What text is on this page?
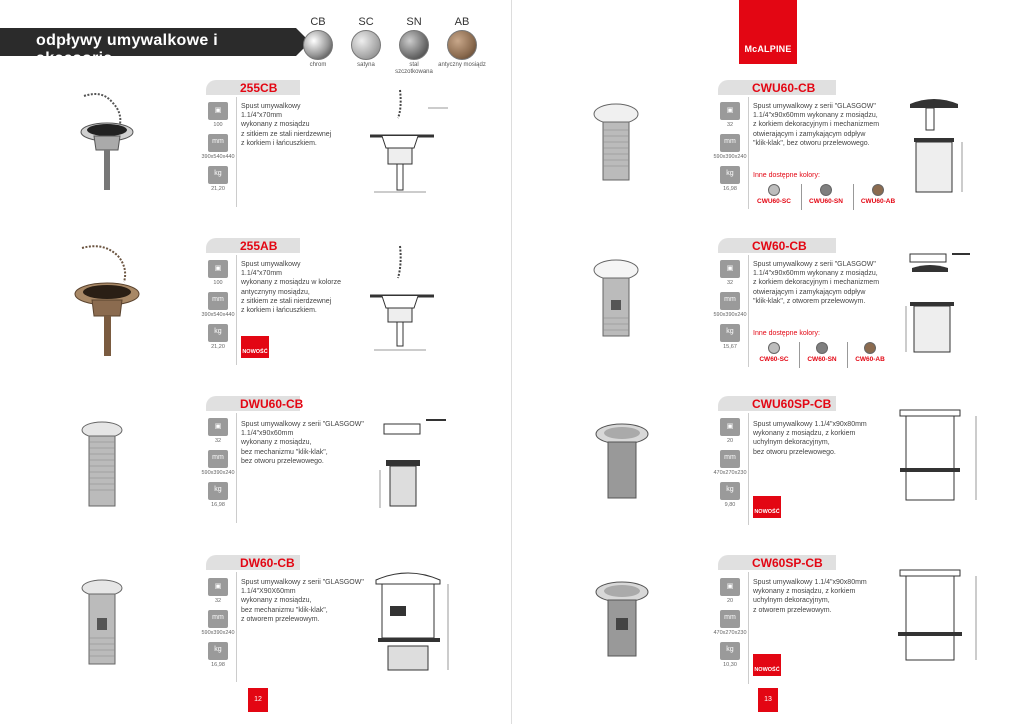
odpływy umywalkowe i akcesoria
CB
chrom
SC
satyna
SN
stal szczotkowana
AB
antyczny mosiądz
255CB
▣
100
mm
390x540x440
kg
21,20
Spust umywalkowy
1.1/4"x70mm
wykonany z mosiądzu
z sitkiem ze stali nierdzewnej
z korkiem i łańcuszkiem.
255AB
▣
100
mm
390x540x440
kg
21,20
Spust umywalkowy
1.1/4"x70mm
wykonany z mosiądzu w kolorze
antycznyny mosiądzu,
z sitkiem ze stali nierdzewnej
z korkiem i łańcuszkiem.
NOWOŚĆ
DWU60-CB
▣
32
mm
590x390x240
kg
16,98
Spust umywalkowy z serii "GLASGOW"
1.1/4"x90x60mm
wykonany z mosiądzu,
bez mechanizmu "klik-klak",
bez otworu przelewowego.
DW60-CB
▣
32
mm
590x390x240
kg
16,98
Spust umywalkowy z serii "GLASGOW"
1.1/4"X90X60mm
wykonany z mosiądzu,
bez mechanizmu "klik-klak",
z otworem przelewowym.
12
McALPINE
CWU60-CB
▣
32
mm
590x390x240
kg
16,98
Spust umywalkowy z serii "GLASGOW"
1.1/4"x90x60mm wykonany z mosiądzu,
z korkiem dekoracyjnym i mechanizmem
otwierającym i zamykającym odpływ
"klik-klak", bez otworu przelewowego.
Inne dostępne kolory:
CWU60-SC	CWU60-SN	CWU60-AB
CW60-CB
▣
32
mm
590x390x240
kg
15,67
Spust umywalkowy z serii "GLASGOW"
1.1/4"x90x60mm wykonany z mosiądzu,
z korkiem dekoracyjnym i mechanizmem
otwierającym i zamykającym odpływ
"klik-klak", z otworem przelewowym.
Inne dostępne kolory:
CW60-SC	CW60-SN	CW60-AB
CWU60SP-CB
▣
20
mm
470x270x230
kg
9,80
Spust umywalkowy 1.1/4"x90x80mm
wykonany z mosiądzu, z korkiem
uchylnym dekoracyjnym,
bez otworu przelewowego.
NOWOŚĆ
CW60SP-CB
▣
20
mm
470x270x230
kg
10,30
Spust umywalkowy 1.1/4"x90x80mm
wykonany z mosiądzu, z korkiem
uchylnym dekoracyjnym,
z otworem przelewowym.
NOWOŚĆ
13
